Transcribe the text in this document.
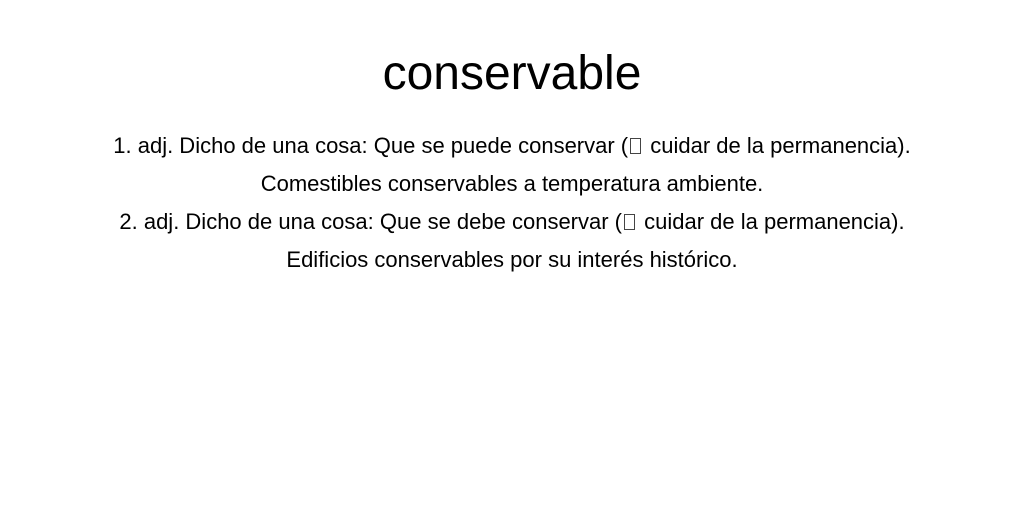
conservable
1. adj. Dicho de una cosa: Que se puede conservar ( cuidar de la permanencia).
Comestibles conservables a temperatura ambiente.
2. adj. Dicho de una cosa: Que se debe conservar ( cuidar de la permanencia).
Edificios conservables por su interés histórico.
